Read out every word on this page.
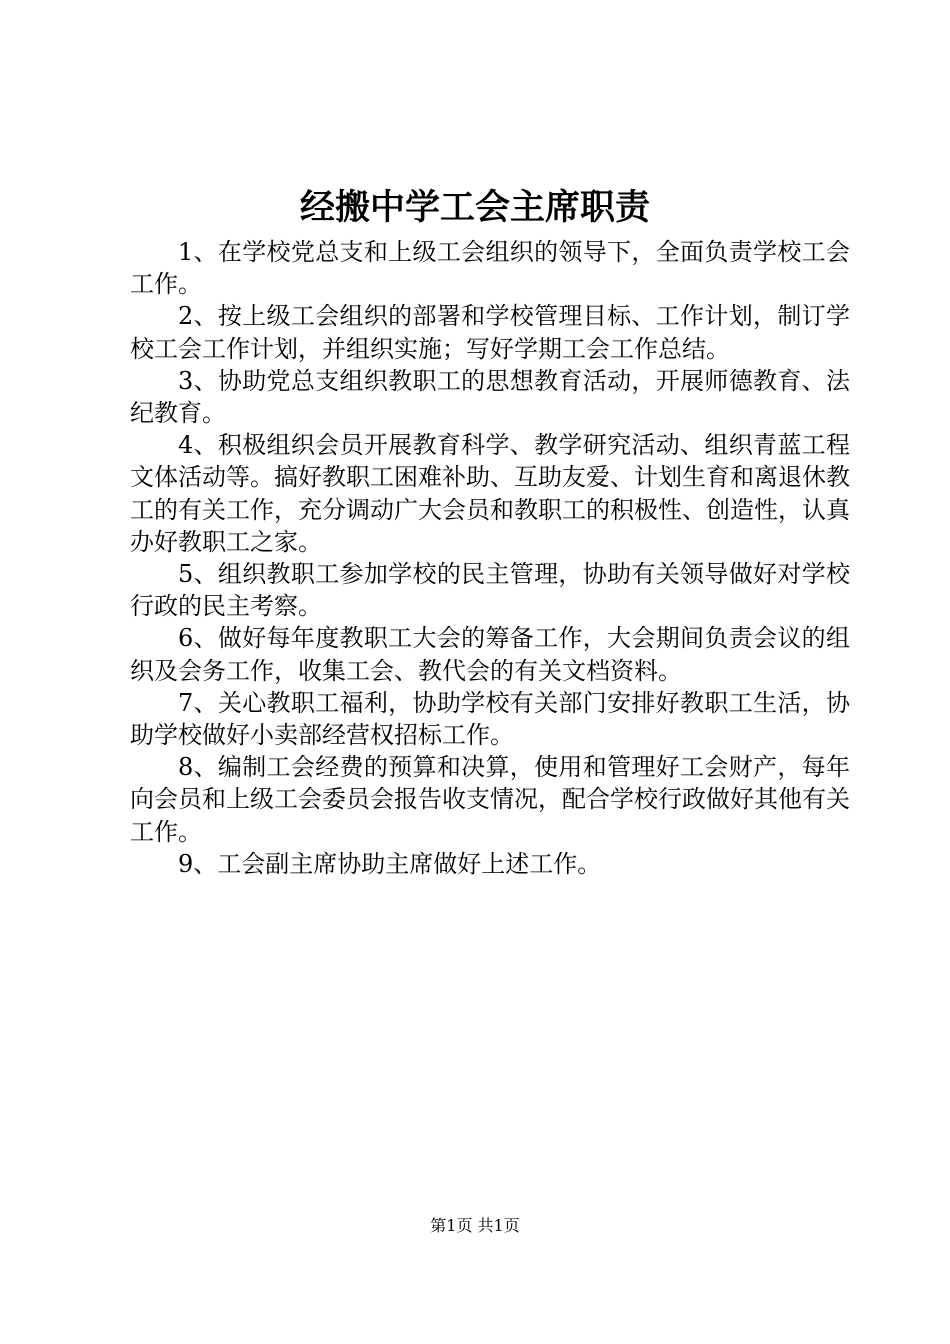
经搬中学工会主席职责

1、在学校党总支和上级工会组织的领导下，全面负责学校工会工作。

2、按上级工会组织的部署和学校管理目标、工作计划，制订学校工会工作计划，并组织实施；写好学期工会工作总结。

3、协助党总支组织教职工的思想教育活动，开展师德教育、法纪教育。

4、积极组织会员开展教育科学、教学研究活动、组织青蓝工程文体活动等。搞好教职工困难补助、互助友爱、计划生育和离退休教工的有关工作，充分调动广大会员和教职工的积极性、创造性，认真办好教职工之家。

5、组织教职工参加学校的民主管理，协助有关领导做好对学校行政的民主考察。

6、做好每年度教职工大会的筹备工作，大会期间负责会议的组织及会务工作，收集工会、教代会的有关文档资料。

7、关心教职工福利，协助学校有关部门安排好教职工生活，协助学校做好小卖部经营权招标工作。

8、编制工会经费的预算和决算，使用和管理好工会财产，每年向会员和上级工会委员会报告收支情况，配合学校行政做好其他有关工作。

9、工会副主席协助主席做好上述工作。

第1页 共1页
